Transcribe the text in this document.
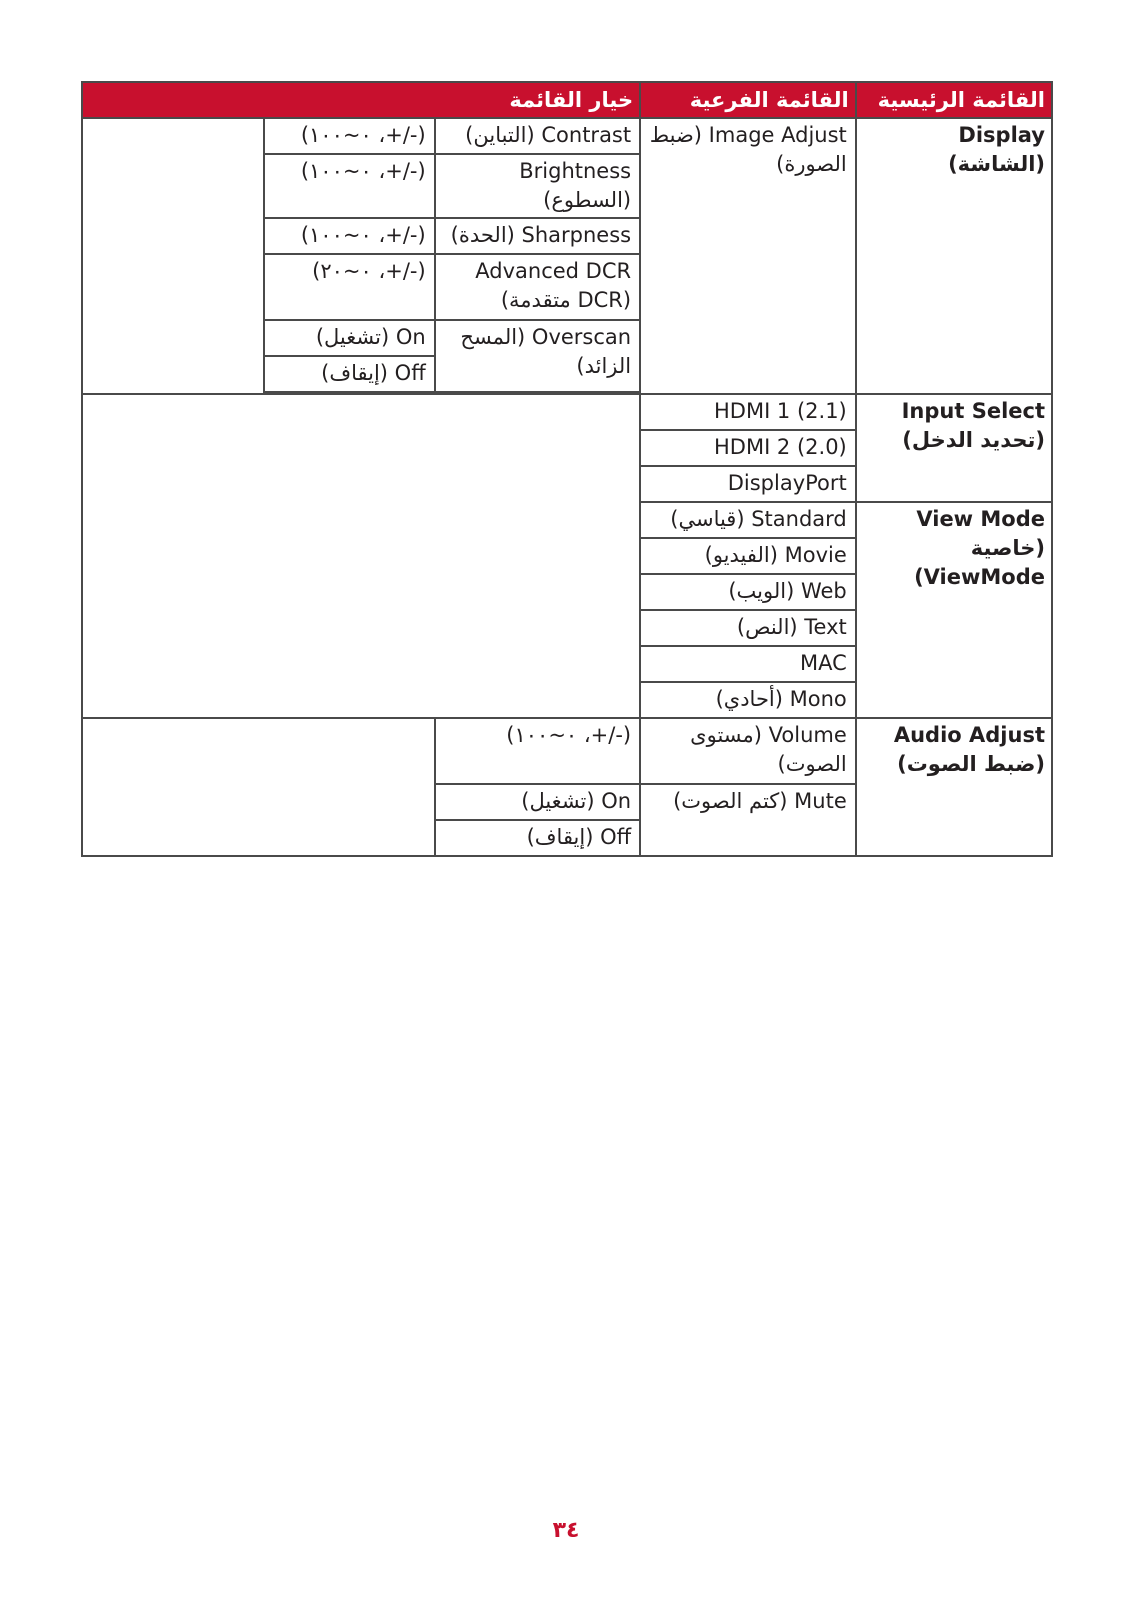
القائمة الرئيسية	القائمة الفرعية	خيار القائمة		
Display (الشاشة)	Image Adjust (ضبط الصورة)	Contrast (التباين)	(-/+، ٠~١٠٠)	
		Brightness (السطوع)	(-/+، ٠~١٠٠)	
		Sharpness (الحدة)	(-/+، ٠~١٠٠)	
		Advanced DCR (DCR متقدمة)	(-/+، ٠~٢٠)	
		Overscan (المسح الزائد)	On (تشغيل)	
			Off (إيقاف)	

Input Select (تحديد الدخل)	HDMI 1 (2.1)			
	HDMI 2 (2.0)			
	DisplayPort			

View Mode
(خاصية
ViewMode)	Standard (قياسي)			
	Movie (الفيديو)			
	Web (الويب)			
	Text (النص)			
	MAC			
	Mono (أحادي)			
Audio Adjust (ضبط الصوت)	Volume (مستوى الصوت)	(-/+، ٠~١٠٠)		
	Mute (كتم الصوت)	On (تشغيل)		
		Off (إيقاف)		
٣٤
